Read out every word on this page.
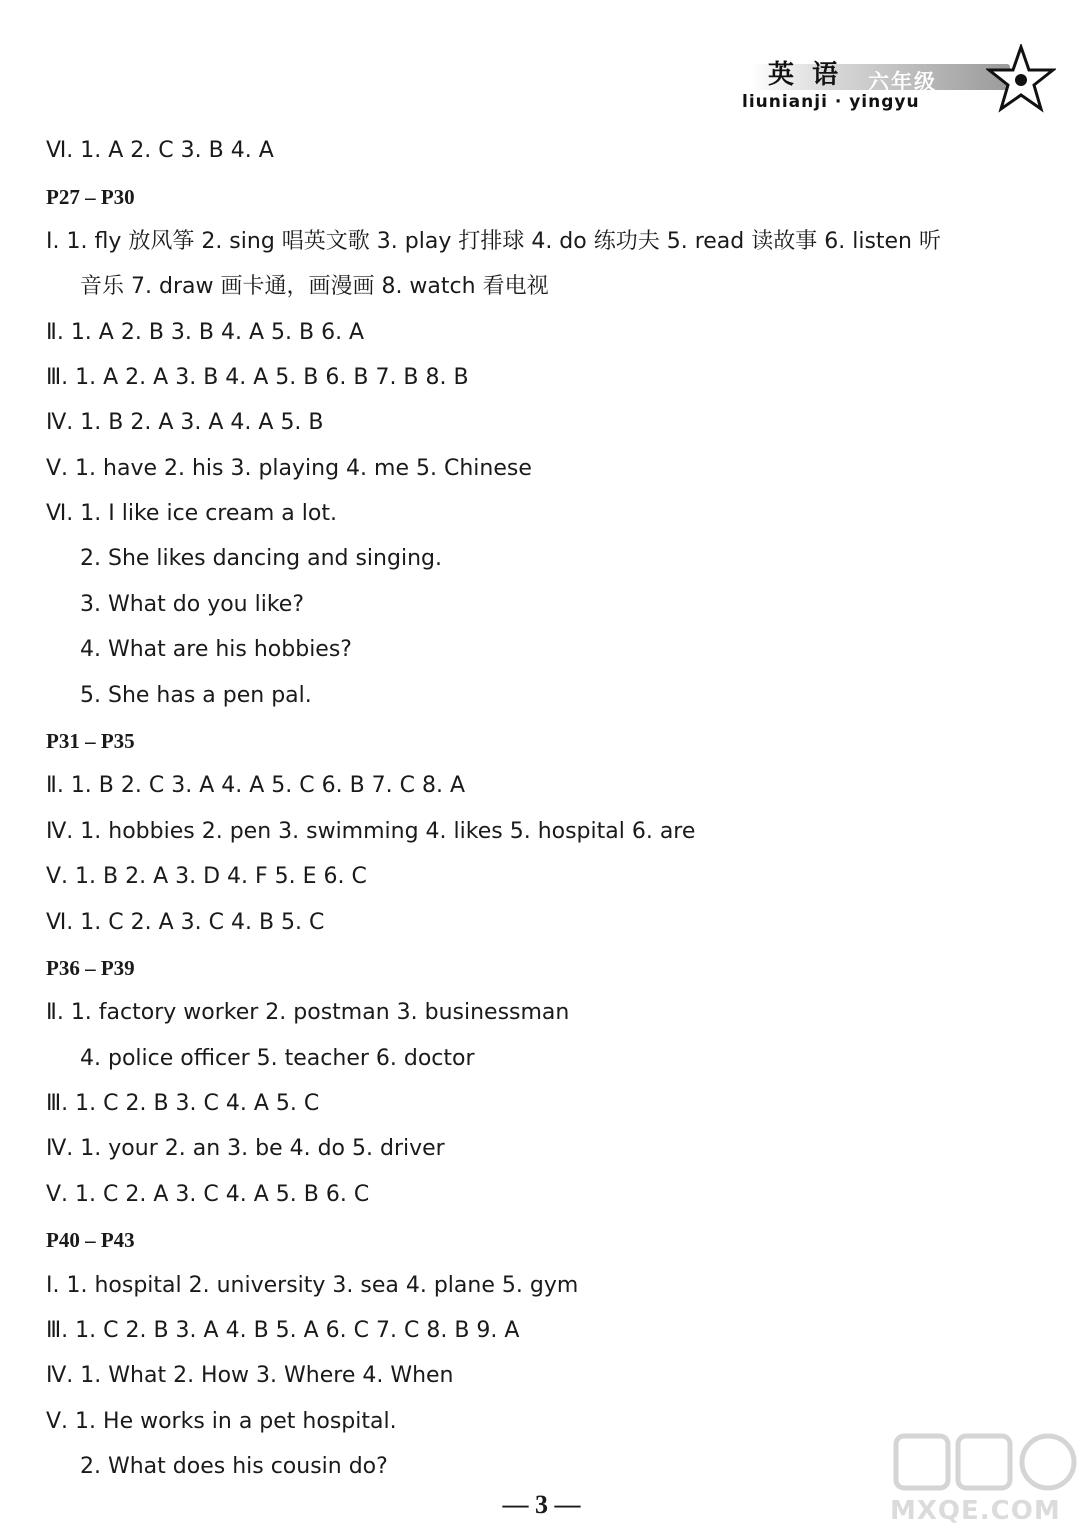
英语 六年级
liunianji · yingyu
Ⅵ. 1. A 2. C 3. B 4. A
P27 – P30
Ⅰ. 1. fly 放风筝 2. sing 唱英文歌 3. play 打排球 4. do 练功夫 5. read 读故事 6. listen 听
音乐 7. draw 画卡通，画漫画 8. watch 看电视
Ⅱ. 1. A 2. B 3. B 4. A 5. B 6. A
Ⅲ. 1. A 2. A 3. B 4. A 5. B 6. B 7. B 8. B
Ⅳ. 1. B 2. A 3. A 4. A 5. B
Ⅴ. 1. have 2. his 3. playing 4. me 5. Chinese
Ⅵ. 1. I like ice cream a lot.
2. She likes dancing and singing.
3. What do you like?
4. What are his hobbies?
5. She has a pen pal.
P31 – P35
Ⅱ. 1. B 2. C 3. A 4. A 5. C 6. B 7. C 8. A
Ⅳ. 1. hobbies 2. pen 3. swimming 4. likes 5. hospital 6. are
Ⅴ. 1. B 2. A 3. D 4. F 5. E 6. C
Ⅵ. 1. C 2. A 3. C 4. B 5. C
P36 – P39
Ⅱ. 1. factory worker 2. postman 3. businessman
4. police officer 5. teacher 6. doctor
Ⅲ. 1. C 2. B 3. C 4. A 5. C
Ⅳ. 1. your 2. an 3. be 4. do 5. driver
Ⅴ. 1. C 2. A 3. C 4. A 5. B 6. C
P40 – P43
Ⅰ. 1. hospital 2. university 3. sea 4. plane 5. gym
Ⅲ. 1. C 2. B 3. A 4. B 5. A 6. C 7. C 8. B 9. A
Ⅳ. 1. What 2. How 3. Where 4. When
Ⅴ. 1. He works in a pet hospital.
2. What does his cousin do?
— 3 —	MXQE.COM
